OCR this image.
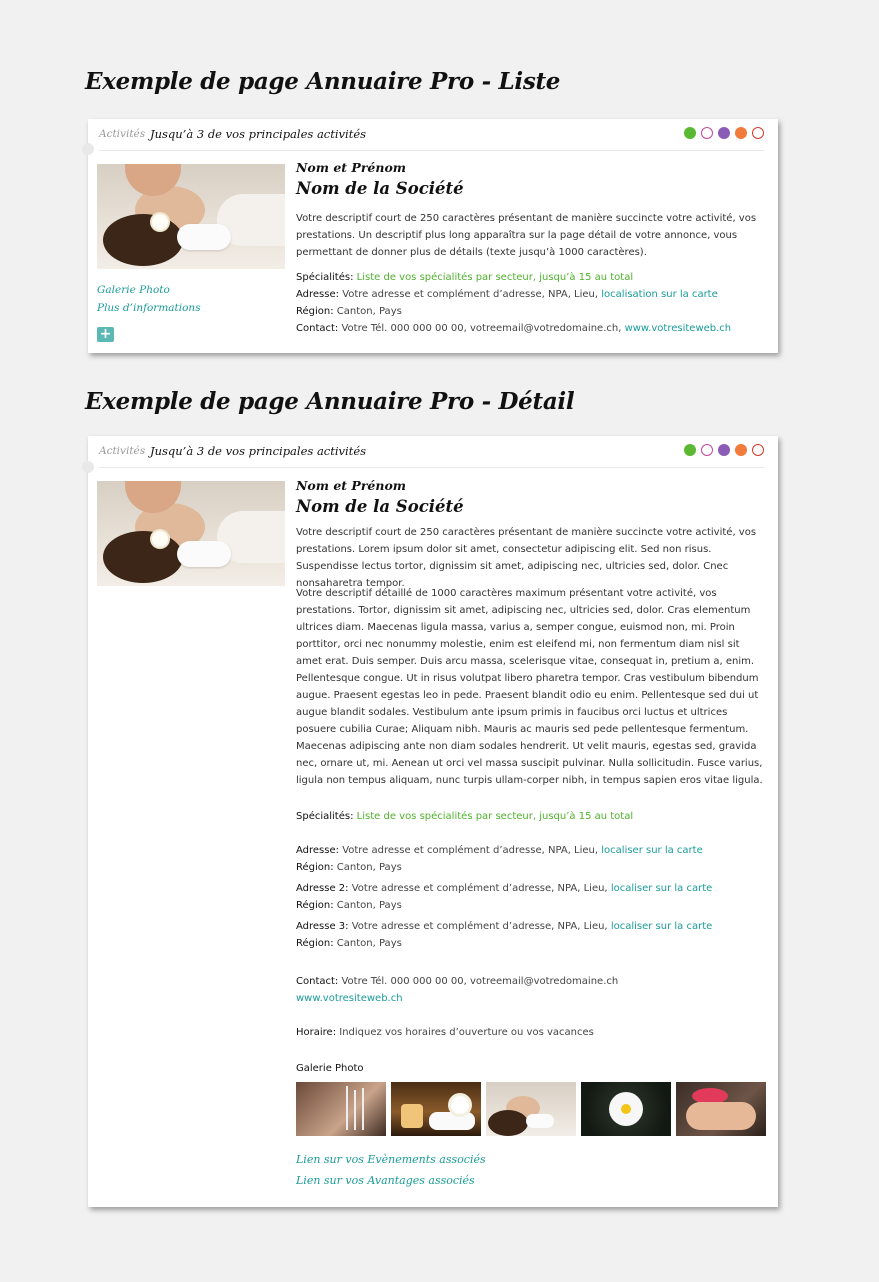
Exemple de page Annuaire Pro - Liste
Activités Jusqu’à 3 de vos principales activités
Galerie Photo
Plus d’informations
+
Nom et Prénom
Nom de la Société

Votre descriptif court de 250 caractères présentant de manière succincte votre activité, vos prestations. Un descriptif plus long apparaîtra sur la page détail de votre annonce, vous permettant de donner plus de détails (texte jusqu’à 1000 caractères).

Spécialités: Liste de vos spécialités par secteur, jusqu’à 15 au total
Adresse: Votre adresse et complément d’adresse, NPA, Lieu, localisation sur la carte
Région: Canton, Pays
Contact: Votre Tél. 000 000 00 00, votreemail@votredomaine.ch, www.votresiteweb.ch
Exemple de page Annuaire Pro - Détail
Activités Jusqu’à 3 de vos principales activités
Nom et Prénom
Nom de la Société

Votre descriptif court de 250 caractères présentant de manière succincte votre activité, vos prestations. Lorem ipsum dolor sit amet, consectetur adipiscing elit. Sed non risus. Suspendisse lectus tortor, dignissim sit amet, adipiscing nec, ultricies sed, dolor. Cnec nonsaharetra tempor.

Votre descriptif détaillé de 1000 caractères maximum présentant votre activité, vos prestations. Tortor, dignissim sit amet, adipiscing nec, ultricies sed, dolor. Cras elementum ultrices diam. Maecenas ligula massa, varius a, semper congue, euismod non, mi. Proin porttitor, orci nec nonummy molestie, enim est eleifend mi, non fermentum diam nisl sit amet erat. Duis semper. Duis arcu massa, scelerisque vitae, consequat in, pretium a, enim. Pellentesque congue. Ut in risus volutpat libero pharetra tempor. Cras vestibulum bibendum augue. Praesent egestas leo in pede. Praesent blandit odio eu enim. Pellentesque sed dui ut augue blandit sodales. Vestibulum ante ipsum primis in faucibus orci luctus et ultrices posuere cubilia Curae; Aliquam nibh. Mauris ac mauris sed pede pellentesque fermentum. Maecenas adipiscing ante non diam sodales hendrerit. Ut velit mauris, egestas sed, gravida nec, ornare ut, mi. Aenean ut orci vel massa suscipit pulvinar. Nulla sollicitudin. Fusce varius, ligula non tempus aliquam, nunc turpis ullam-corper nibh, in tempus sapien eros vitae ligula.

Spécialités: Liste de vos spécialités par secteur, jusqu’à 15 au total
Adresse: Votre adresse et complément d’adresse, NPA, Lieu, localiser sur la carte
Région: Canton, Pays
Adresse 2: Votre adresse et complément d’adresse, NPA, Lieu, localiser sur la carte
Région: Canton, Pays
Adresse 3: Votre adresse et complément d’adresse, NPA, Lieu, localiser sur la carte
Région: Canton, Pays
Contact: Votre Tél. 000 000 00 00, votreemail@votredomaine.ch
www.votresiteweb.ch
Horaire: Indiquez vos horaires d’ouverture ou vos vacances
Galerie Photo
Lien sur vos Evènements associés
Lien sur vos Avantages associés
